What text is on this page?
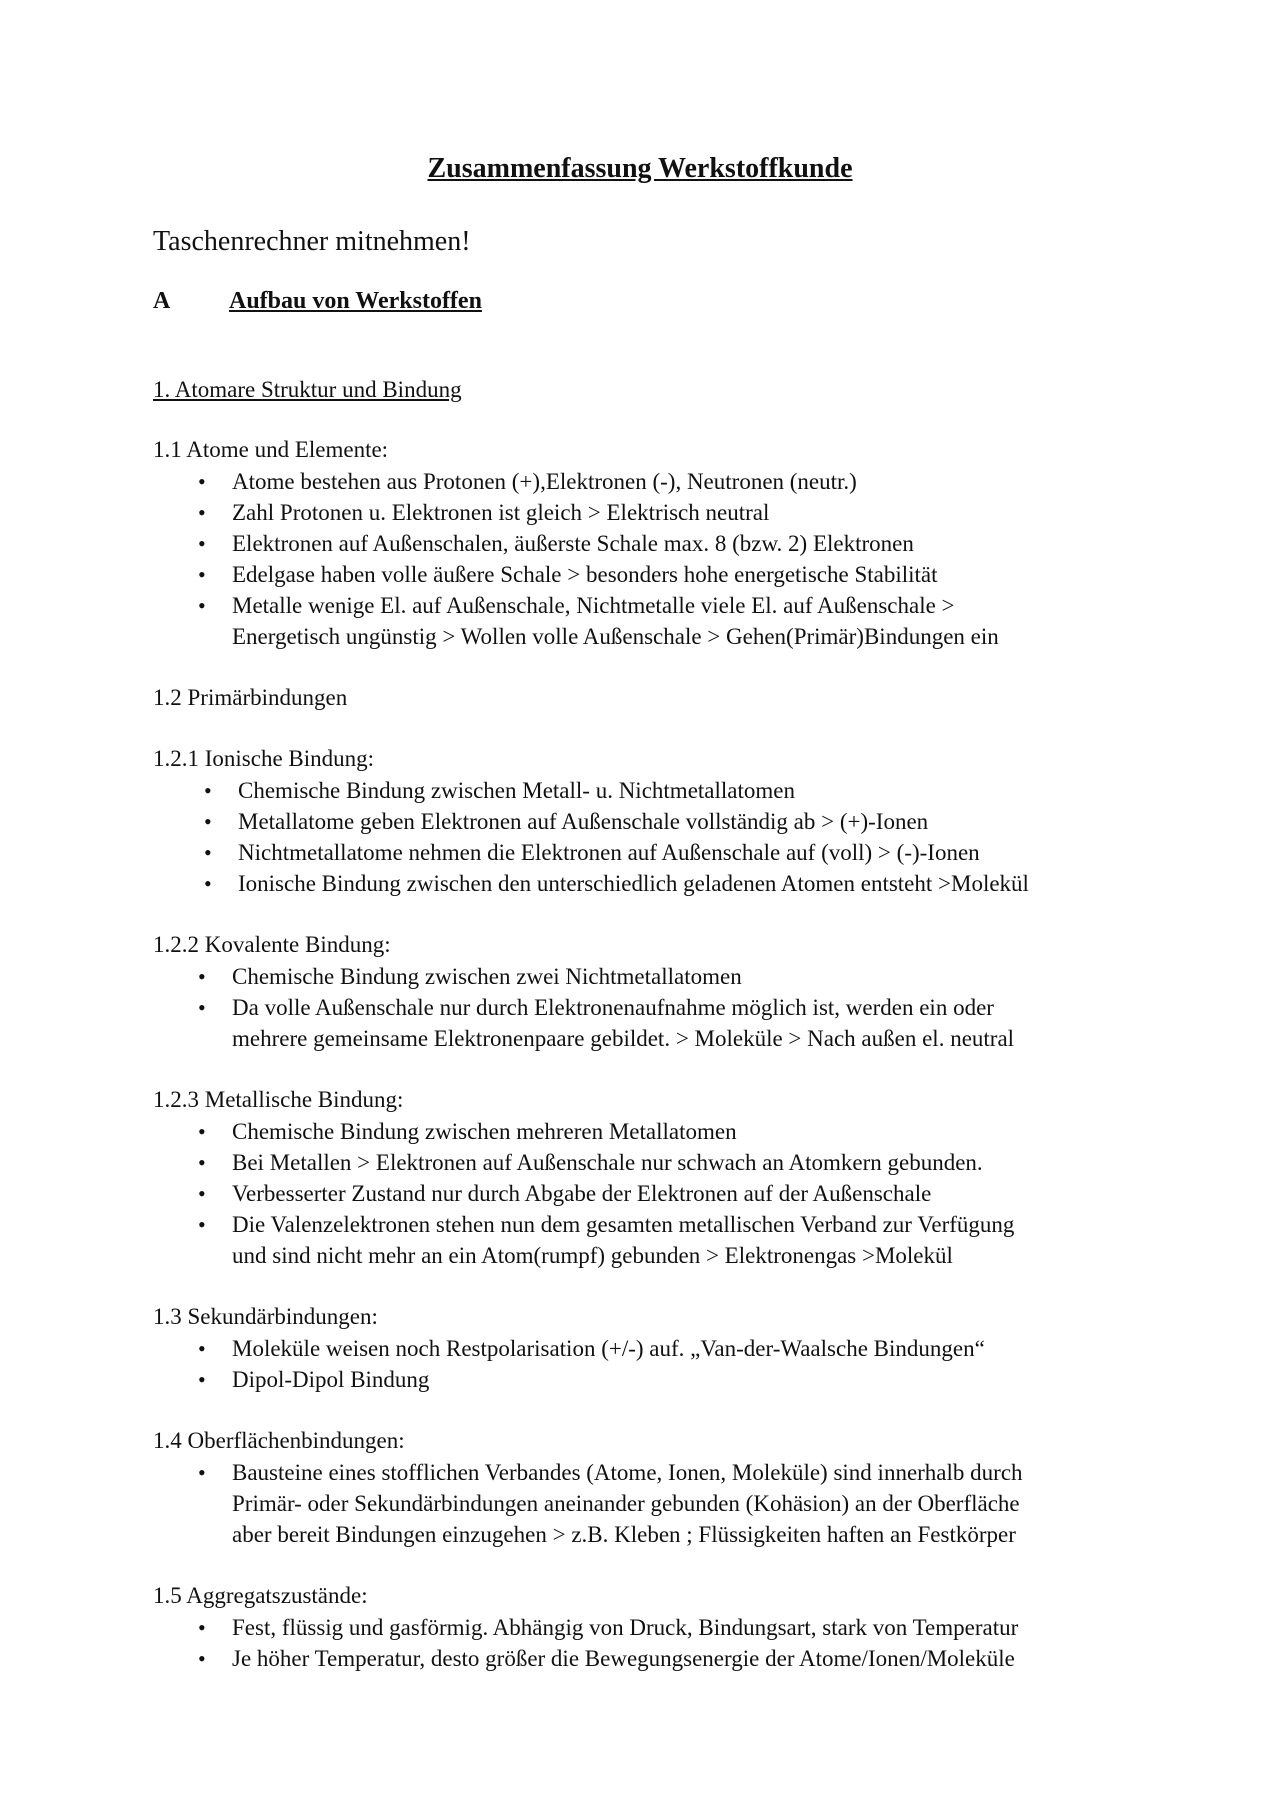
Zusammenfassung Werkstoffkunde
Taschenrechner mitnehmen!
A Aufbau von Werkstoffen
1. Atomare Struktur und Bindung
1.1 Atome und Elemente:
• Atome bestehen aus Protonen (+),Elektronen (-), Neutronen (neutr.)
• Zahl Protonen u. Elektronen ist gleich > Elektrisch neutral
• Elektronen auf Außenschalen, äußerste Schale max. 8 (bzw. 2) Elektronen
• Edelgase haben volle äußere Schale > besonders hohe energetische Stabilität
• Metalle wenige El. auf Außenschale, Nichtmetalle viele El. auf Außenschale >
Energetisch ungünstig > Wollen volle Außenschale > Gehen(Primär)Bindungen ein
1.2 Primärbindungen
1.2.1 Ionische Bindung:
• Chemische Bindung zwischen Metall- u. Nichtmetallatomen
• Metallatome geben Elektronen auf Außenschale vollständig ab > (+)-Ionen
• Nichtmetallatome nehmen die Elektronen auf Außenschale auf (voll) > (-)-Ionen
• Ionische Bindung zwischen den unterschiedlich geladenen Atomen entsteht >Molekül
1.2.2 Kovalente Bindung:
• Chemische Bindung zwischen zwei Nichtmetallatomen
• Da volle Außenschale nur durch Elektronenaufnahme möglich ist, werden ein oder
mehrere gemeinsame Elektronenpaare gebildet. > Moleküle > Nach außen el. neutral
1.2.3 Metallische Bindung:
• Chemische Bindung zwischen mehreren Metallatomen
• Bei Metallen > Elektronen auf Außenschale nur schwach an Atomkern gebunden.
• Verbesserter Zustand nur durch Abgabe der Elektronen auf der Außenschale
• Die Valenzelektronen stehen nun dem gesamten metallischen Verband zur Verfügung
und sind nicht mehr an ein Atom(rumpf) gebunden > Elektronengas >Molekül
1.3 Sekundärbindungen:
• Moleküle weisen noch Restpolarisation (+/-) auf. „Van-der-Waalsche Bindungen“
• Dipol-Dipol Bindung
1.4 Oberflächenbindungen:
• Bausteine eines stofflichen Verbandes (Atome, Ionen, Moleküle) sind innerhalb durch
Primär- oder Sekundärbindungen aneinander gebunden (Kohäsion) an der Oberfläche
aber bereit Bindungen einzugehen > z.B. Kleben ; Flüssigkeiten haften an Festkörper
1.5 Aggregatszustände:
• Fest, flüssig und gasförmig. Abhängig von Druck, Bindungsart, stark von Temperatur
• Je höher Temperatur, desto größer die Bewegungsenergie der Atome/Ionen/Moleküle
